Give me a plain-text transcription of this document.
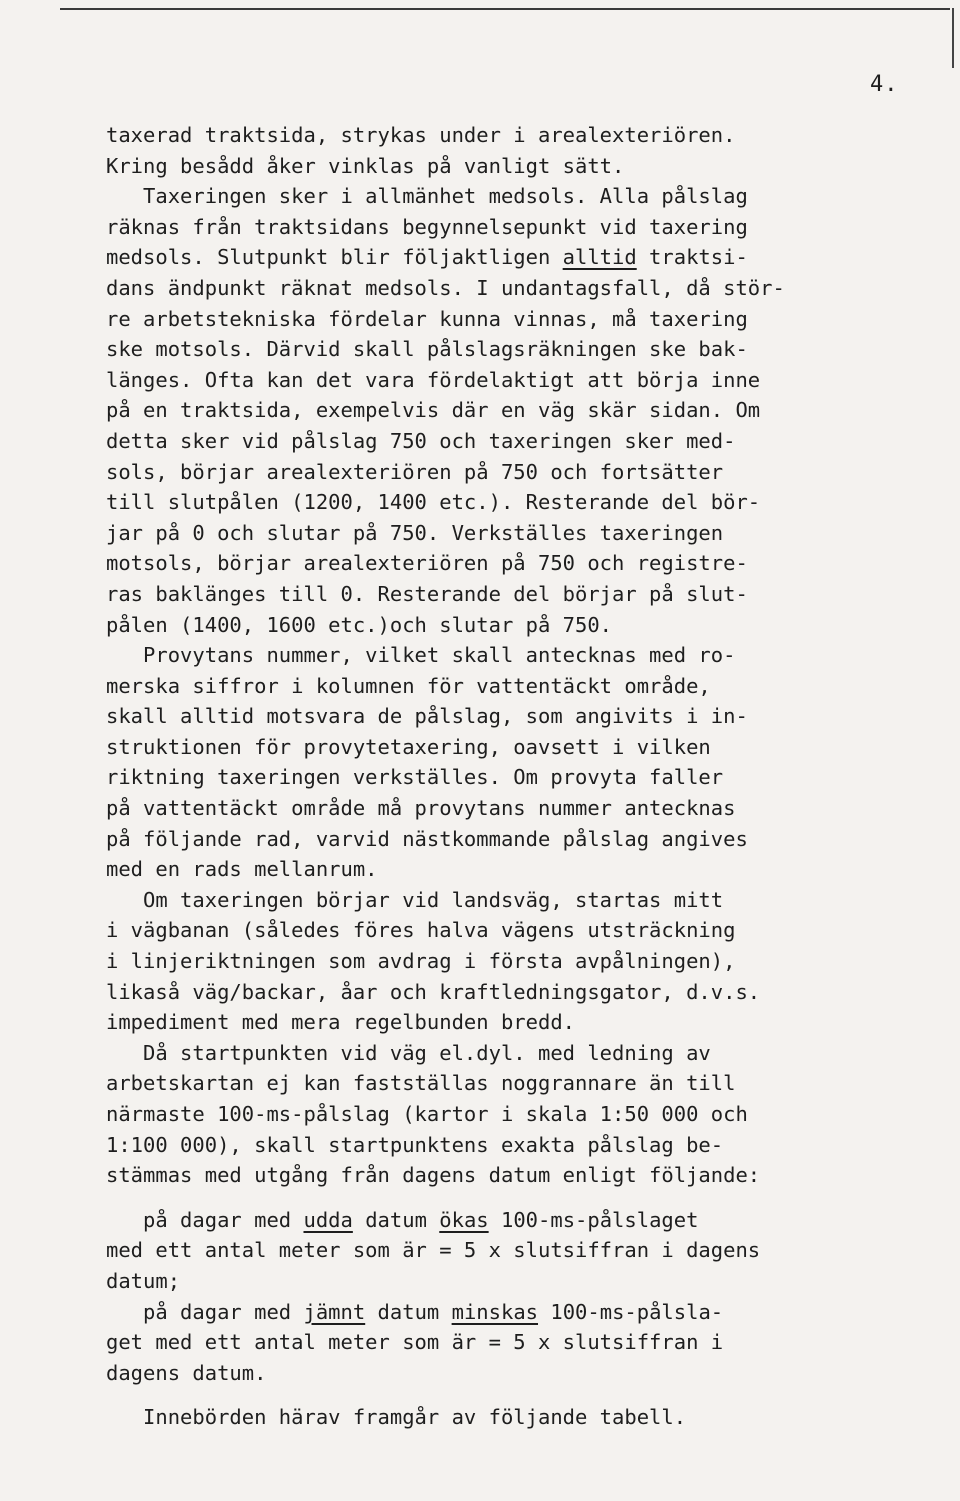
4.
taxerad traktsida, strykas under i arealexteriören.
Kring besådd åker vinklas på vanligt sätt.
Taxeringen sker i allmänhet medsols. Alla pålslag
räknas från traktsidans begynnelsepunkt vid taxering
medsols. Slutpunkt blir följaktligen alltid traktsi-
dans ändpunkt räknat medsols. I undantagsfall, då stör-
re arbetstekniska fördelar kunna vinnas, må taxering
ske motsols. Därvid skall pålslagsräkningen ske bak-
länges. Ofta kan det vara fördelaktigt att börja inne
på en traktsida, exempelvis där en väg skär sidan. Om
detta sker vid pålslag 750 och taxeringen sker med-
sols, börjar arealexteriören på 750 och fortsätter
till slutpålen (1200, 1400 etc.). Resterande del bör-
jar på 0 och slutar på 750. Verkställes taxeringen
motsols, börjar arealexteriören på 750 och registre-
ras baklänges till 0. Resterande del börjar på slut-
pålen (1400, 1600 etc.)och slutar på 750.
Provytans nummer, vilket skall antecknas med ro-
merska siffror i kolumnen för vattentäckt område,
skall alltid motsvara de pålslag, som angivits i in-
struktionen för provytetaxering, oavsett i vilken
riktning taxeringen verkställes. Om provyta faller
på vattentäckt område må provytans nummer antecknas
på följande rad, varvid nästkommande pålslag angives
med en rads mellanrum.
Om taxeringen börjar vid landsväg, startas mitt
i vägbanan (således föres halva vägens utsträckning
i linjeriktningen som avdrag i första avpålningen),
likaså väg/backar, åar och kraftledningsgator, d.v.s.
impediment med mera regelbunden bredd.
Då startpunkten vid väg el.dyl. med ledning av
arbetskartan ej kan fastställas noggrannare än till
närmaste 100-ms-pålslag (kartor i skala 1:50 000 och
1:100 000), skall startpunktens exakta pålslag be-
stämmas med utgång från dagens datum enligt följande:
på dagar med udda datum ökas 100-ms-pålslaget
med ett antal meter som är = 5 x slutsiffran i dagens
datum;
på dagar med jämnt datum minskas 100-ms-pålsla-
get med ett antal meter som är = 5 x slutsiffran i
dagens datum.
Innebörden härav framgår av följande tabell.
